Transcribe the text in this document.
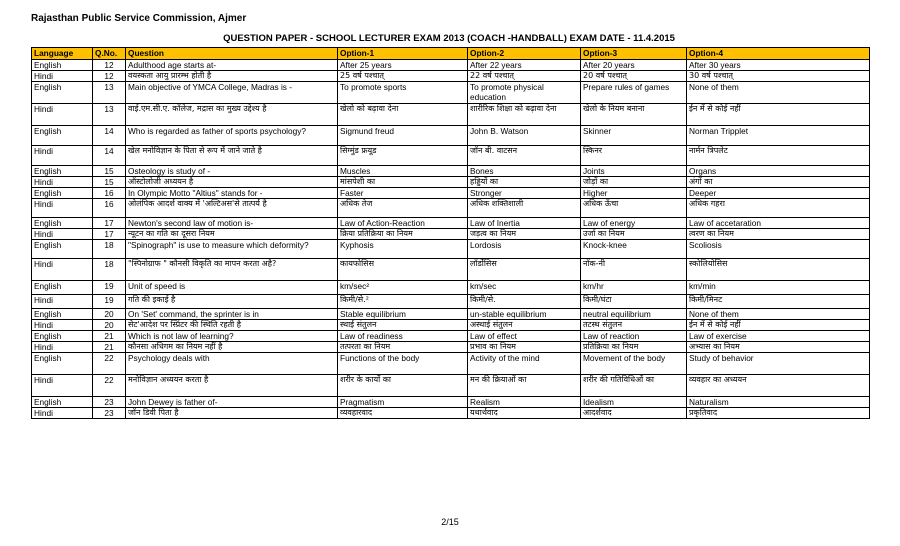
Rajasthan Public Service Commission, Ajmer
QUESTION PAPER - SCHOOL LECTURER EXAM 2013 (COACH -HANDBALL) EXAM DATE - 11.4.2015
Language	Q.No.	Question	Option-1	Option-2	Option-3	Option-4
English	12	Adulthood age starts at-	After 25 years	After 22 years	After 20 years	After 30 years
Hindi	12	वयस्कता आयु प्रारम्भ होती है	25 वर्ष पश्चात्	22 वर्ष पश्चात्	20 वर्ष पश्चात्	30 वर्ष पश्चात्
English	13	Main objective of YMCA College, Madras is -	To promote sports	To promote physical education	Prepare rules of games	None of them
Hindi	13	वाई.एम.सी.ए. कॉलेज, मद्रास का मुख्य उद्देश्य है	खेलो को बढ़ावा देना	शारीरिक शिक्षा को बढ़ावा देना	खेलो के नियम बनाना	ईन में से कोई नहीं
English	14	Who is regarded as father of sports psychology?	Sigmund freud	John B. Watson	Skinner	Norman Tripplet
Hindi	14	खेल मनोविज्ञान के पिता से रूप में जाने जाते है	सिग्मुंड फ्रयूड	जॉन बी. वाटसन	स्किनर	नार्मन त्रिपलेट
English	15	Osteology is study of -	Muscles	Bones	Joints	Organs
Hindi	15	ऑस्टोलोजी अध्ययन है	मांसपेशी का	हड्डियों का	जोड़ों का	अंगों का
English	16	In Olympic Motto "Altius" stands for -	Faster	Stronger	Higher	Deeper
Hindi	16	ओलंपिक आदर्श वाक्य में 'अल्टिअस'से तात्पर्य है	अधिक तेज	अधिक शक्तिशाली	अधिक ऊँचा	अधिक गहरा
English	17	Newton's second law of motion is-	Law of Action-Reaction	Law of Inertia	Law of energy	Law of accetaration
Hindi	17	न्यूटन का गति का दूसरा नियम	क्रिया प्रतिक्रिया का नियम	जड़त्व का नियम	उर्जा का नियम	त्वरण का नियम
English	18	"Spinograph" is use to measure which deformity?	Kyphosis	Lordosis	Knock-knee	Scoliosis
Hindi	18	"स्पिनोग्राफ " कौनसी विकृति का मापन करता अहै?	कायफोसिस	लॉर्डोसिस	नॉक-नी	स्कोलियोसिस
English	19	Unit of speed is	km/sec²	km/sec	km/hr	km/min
Hindi	19	गति की इकाई है	किमी/से.²	किमी/से.	किमी/घंटा	किमी/मिनट
English	20	On 'Set' command, the sprinter is in	Stable equilibrium	un-stable equilibrium	neutral equilibrium	None of them
Hindi	20	सेट'आदेश पर स्प्रिंटर की स्थिति रहती है	स्थाई संतुलन	अस्थाई संतुलन	तटस्थ संतुलन	ईन में से कोई नहीं
English	21	Which is not law of learning?	Law of readiness	Law of effect	Law of reaction	Law of exercise
Hindi	21	कौनसा अधिगम का नियम नहीं है	तत्परता का नियम	प्रभाव का नियम	प्रतिक्रिया का नियम	अभ्यास का नियम
English	22	Psychology deals with	Functions of the body	Activity of the mind	Movement of the body	Study of behavior
Hindi	22	मनोविज्ञान अध्ययन करता है	शरीर के कार्यो का	मन की क्रियाओं का	शरीर की गतिविधिओं का	व्यवहार का अध्ययन
English	23	John Dewey is father of-	Pragmatism	Realism	Idealism	Naturalism
Hindi	23	जॉन डिवी पिता है	व्यवहारवाद	यथार्थवाद	आदर्शवाद	प्रकृतिवाद
2/15
